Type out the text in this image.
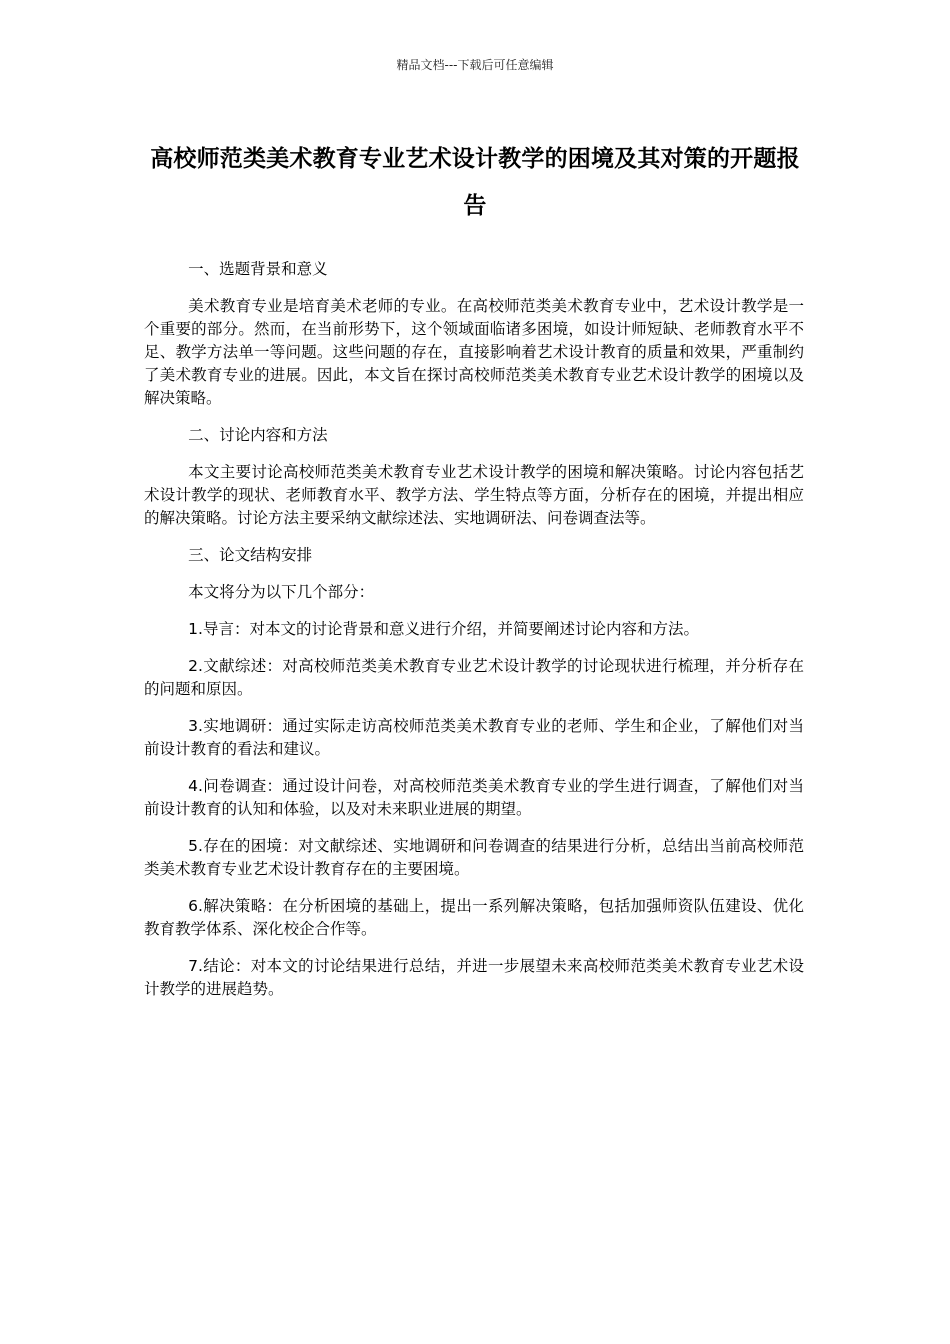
精品文档---下载后可任意编辑
高校师范类美术教育专业艺术设计教学的困境及其对策的开题报告

一、选题背景和意义

美术教育专业是培育美术老师的专业。在高校师范类美术教育专业中，艺术设计教学是一个重要的部分。然而，在当前形势下，这个领域面临诸多困境，如设计师短缺、老师教育水平不足、教学方法单一等问题。这些问题的存在，直接影响着艺术设计教育的质量和效果，严重制约了美术教育专业的进展。因此，本文旨在探讨高校师范类美术教育专业艺术设计教学的困境以及解决策略。

二、讨论内容和方法

本文主要讨论高校师范类美术教育专业艺术设计教学的困境和解决策略。讨论内容包括艺术设计教学的现状、老师教育水平、教学方法、学生特点等方面，分析存在的困境，并提出相应的解决策略。讨论方法主要采纳文献综述法、实地调研法、问卷调查法等。

三、论文结构安排

本文将分为以下几个部分：

1.导言：对本文的讨论背景和意义进行介绍，并简要阐述讨论内容和方法。

2.文献综述：对高校师范类美术教育专业艺术设计教学的讨论现状进行梳理，并分析存在的问题和原因。

3.实地调研：通过实际走访高校师范类美术教育专业的老师、学生和企业，了解他们对当前设计教育的看法和建议。

4.问卷调查：通过设计问卷，对高校师范类美术教育专业的学生进行调查，了解他们对当前设计教育的认知和体验，以及对未来职业进展的期望。

5.存在的困境：对文献综述、实地调研和问卷调查的结果进行分析，总结出当前高校师范类美术教育专业艺术设计教育存在的主要困境。

6.解决策略：在分析困境的基础上，提出一系列解决策略，包括加强师资队伍建设、优化教育教学体系、深化校企合作等。

7.结论：对本文的讨论结果进行总结，并进一步展望未来高校师范类美术教育专业艺术设计教学的进展趋势。
